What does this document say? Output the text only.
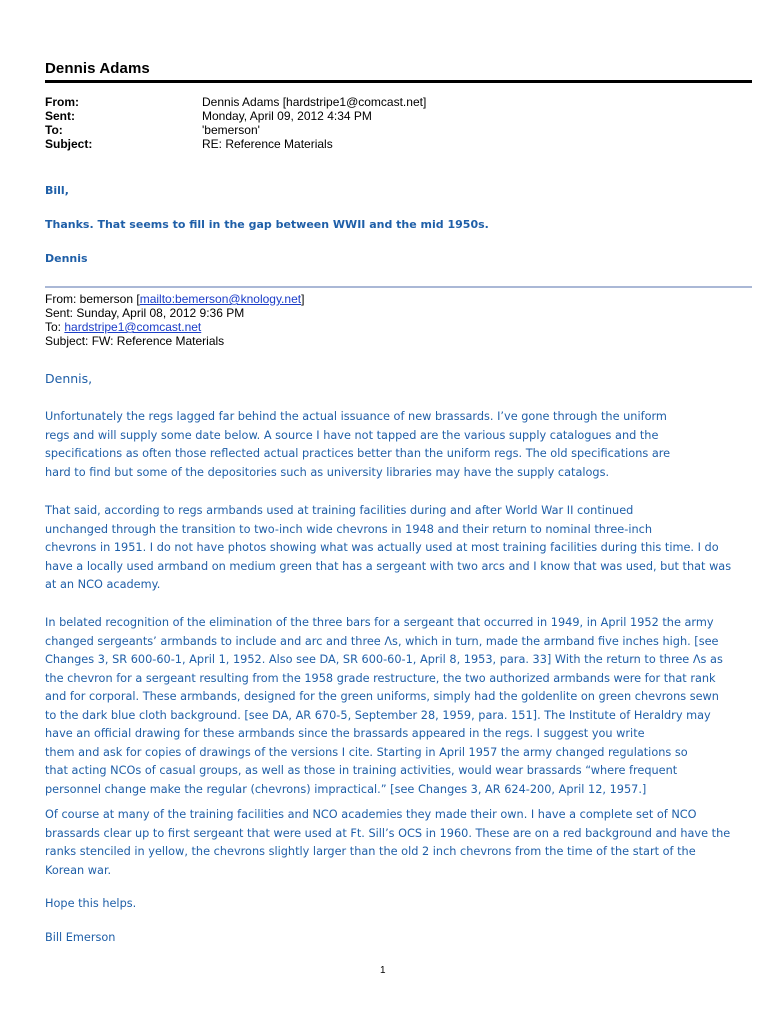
Dennis Adams
From:	Dennis Adams [hardstripe1@comcast.net]
Sent:	Monday, April 09, 2012 4:34 PM
To:	'bemerson'
Subject:	RE: Reference Materials
Bill,
Thanks. That seems to fill in the gap between WWII and the mid 1950s.
Dennis
From: bemerson [mailto:bemerson@knology.net]
Sent: Sunday, April 08, 2012 9:36 PM
To: hardstripe1@comcast.net
Subject: FW: Reference Materials
Dennis,
Unfortunately the regs lagged far behind the actual issuance of new brassards. I’ve gone through the uniform
regs and will supply some date below. A source I have not tapped are the various supply catalogues and the
specifications as often those reflected actual practices better than the uniform regs. The old specifications are
hard to find but some of the depositories such as university libraries may have the supply catalogs.
That said, according to regs armbands used at training facilities during and after World War II continued
unchanged through the transition to two-inch wide chevrons in 1948 and their return to nominal three-inch
chevrons in 1951. I do not have photos showing what was actually used at most training facilities during this time. I do
have a locally used armband on medium green that has a sergeant with two arcs and I know that was used, but that was
at an NCO academy.
In belated recognition of the elimination of the three bars for a sergeant that occurred in 1949, in April 1952 the army
changed sergeants’ armbands to include and arc and three Λs, which in turn, made the armband five inches high. [see
Changes 3, SR 600-60-1, April 1, 1952. Also see DA, SR 600-60-1, April 8, 1953, para. 33] With the return to three Λs as
the chevron for a sergeant resulting from the 1958 grade restructure, the two authorized armbands were for that rank
and for corporal. These armbands, designed for the green uniforms, simply had the goldenlite on green chevrons sewn
to the dark blue cloth background. [see DA, AR 670-5, September 28, 1959, para. 151]. The Institute of Heraldry may
have an official drawing for these armbands since the brassards appeared in the regs. I suggest you write
them and ask for copies of drawings of the versions I cite. Starting in April 1957 the army changed regulations so
that acting NCOs of casual groups, as well as those in training activities, would wear brassards “where frequent
personnel change make the regular (chevrons) impractical.” [see Changes 3, AR 624-200, April 12, 1957.]
Of course at many of the training facilities and NCO academies they made their own. I have a complete set of NCO
brassards clear up to first sergeant that were used at Ft. Sill’s OCS in 1960. These are on a red background and have the
ranks stenciled in yellow, the chevrons slightly larger than the old 2 inch chevrons from the time of the start of the
Korean war.
Hope this helps.
Bill Emerson
1
